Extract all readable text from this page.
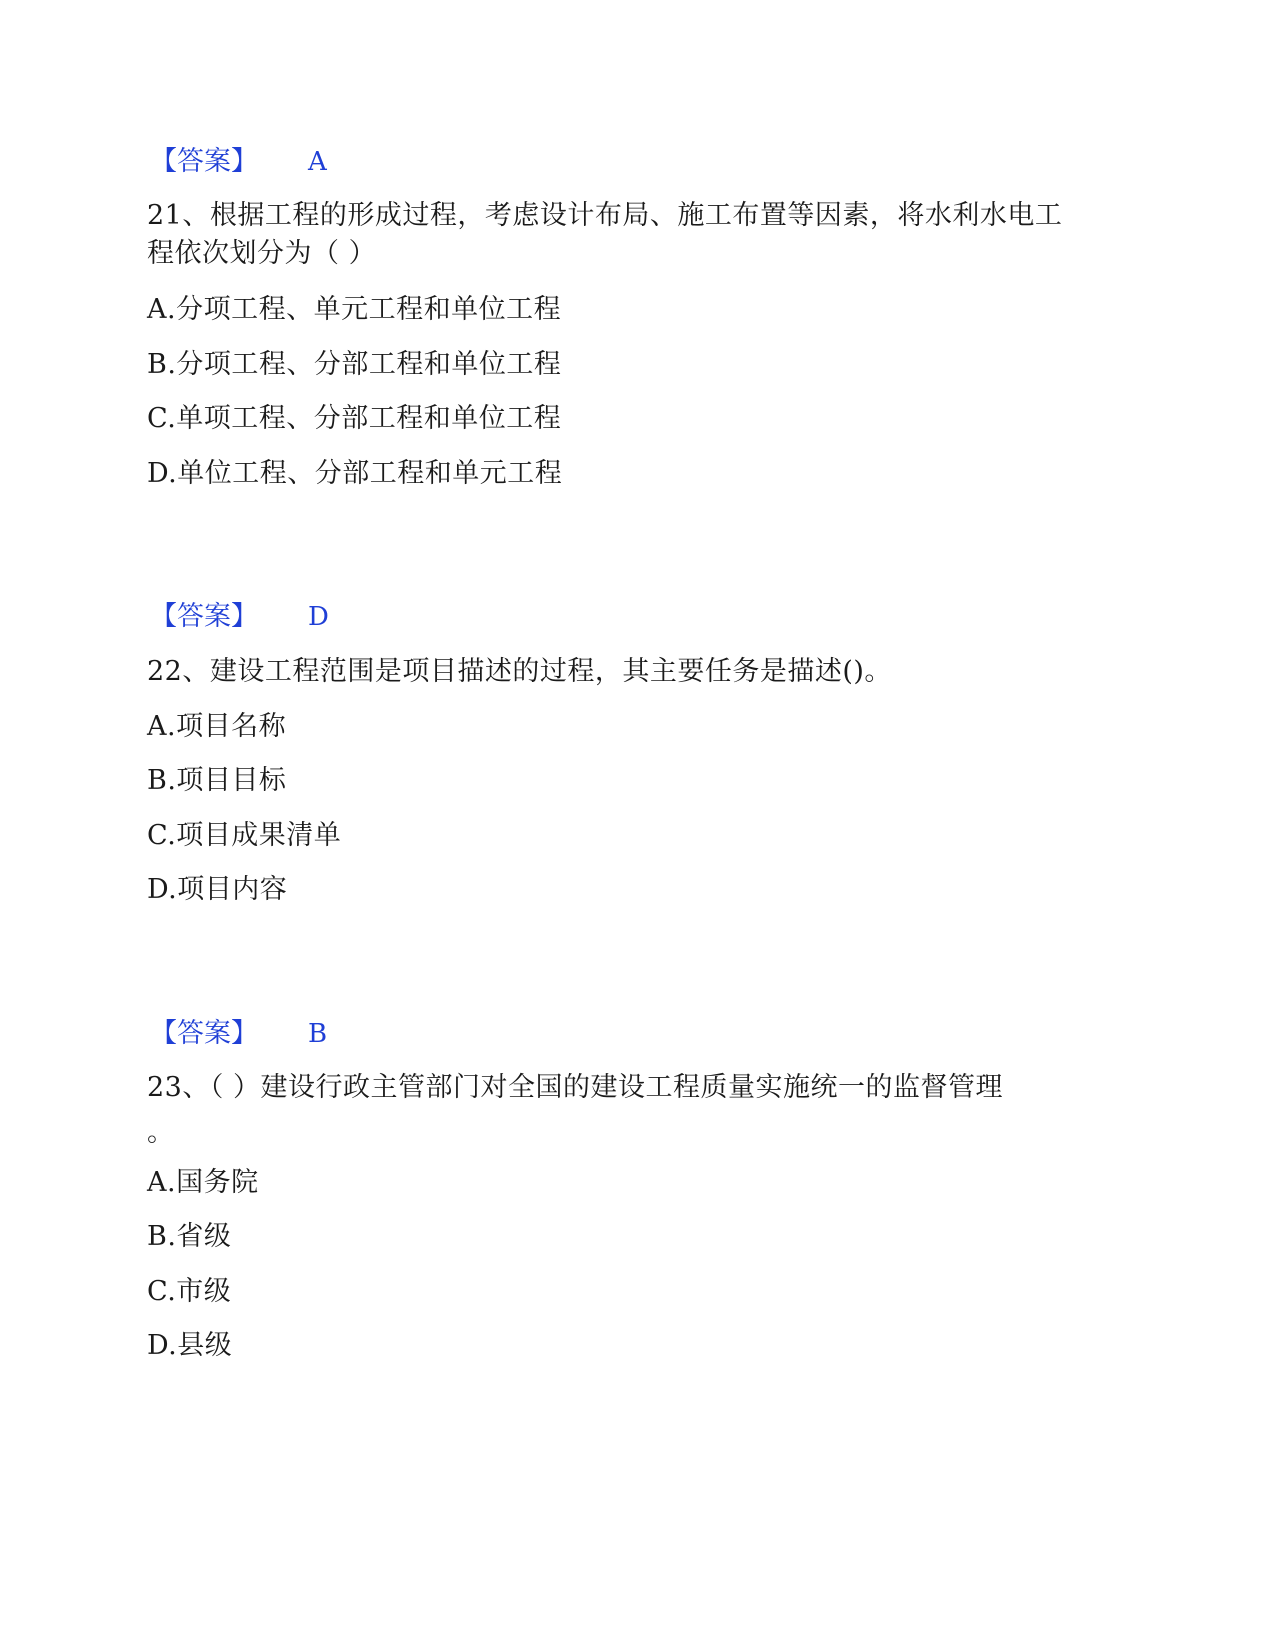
【答案】 A
21、根据工程的形成过程，考虑设计布局、施工布置等因素，将水利水电工
程依次划分为（ ）
A.分项工程、单元工程和单位工程
B.分项工程、分部工程和单位工程
C.单项工程、分部工程和单位工程
D.单位工程、分部工程和单元工程
【答案】 D
22、建设工程范围是项目描述的过程，其主要任务是描述()。
A.项目名称
B.项目目标
C.项目成果清单
D.项目内容
【答案】 B
23、（ ）建设行政主管部门对全国的建设工程质量实施统一的监督管理
。
A.国务院
B.省级
C.市级
D.县级
